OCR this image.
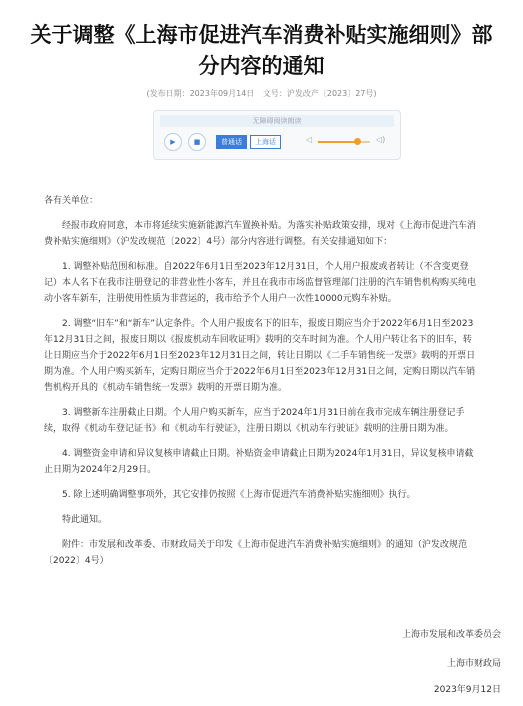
关于调整《上海市促进汽车消费补贴实施细则》部分内容的通知
(发布日期：2023年09月14日 文号：沪发改产〔2023〕27号)
无障碍阅读朗读
▶	■	普通话	上海话	◁	◁)

各有关单位：

经报市政府同意，本市将延续实施新能源汽车置换补贴。为落实补贴政策安排，现对《上海市促进汽车消费补贴实施细则》（沪发改规范〔2022〕4号）部分内容进行调整。有关安排通知如下：

1. 调整补贴范围和标准。自2022年6月1日至2023年12月31日，个人用户报废或者转让（不含变更登记）本人名下在我市注册登记的非营业性小客车，并且在我市市场监督管理部门注册的汽车销售机构购买纯电动小客车新车，注册使用性质为非营运的，我市给予个人用户一次性10000元购车补贴。

2. 调整“旧车”和“新车”认定条件。个人用户报废名下的旧车，报废日期应当介于2022年6月1日至2023年12月31日之间，报废日期以《报废机动车回收证明》载明的交车时间为准。个人用户转让名下的旧车，转让日期应当介于2022年6月1日至2023年12月31日之间，转让日期以《二手车销售统一发票》载明的开票日期为准。个人用户购买新车，定购日期应当介于2022年6月1日至2023年12月31日之间，定购日期以汽车销售机构开具的《机动车销售统一发票》载明的开票日期为准。

3. 调整新车注册截止日期。个人用户购买新车，应当于2024年1月31日前在我市完成车辆注册登记手续，取得《机动车登记证书》和《机动车行驶证》，注册日期以《机动车行驶证》载明的注册日期为准。

4. 调整资金申请和异议复核申请截止日期。补贴资金申请截止日期为2024年1月31日，异议复核申请截止日期为2024年2月29日。

5. 除上述明确调整事项外，其它安排仍按照《上海市促进汽车消费补贴实施细则》执行。

特此通知。

附件：市发展和改革委、市财政局关于印发《上海市促进汽车消费补贴实施细则》的通知（沪发改规范〔2022〕4号）

上海市发展和改革委员会
上海市财政局
2023年9月12日
